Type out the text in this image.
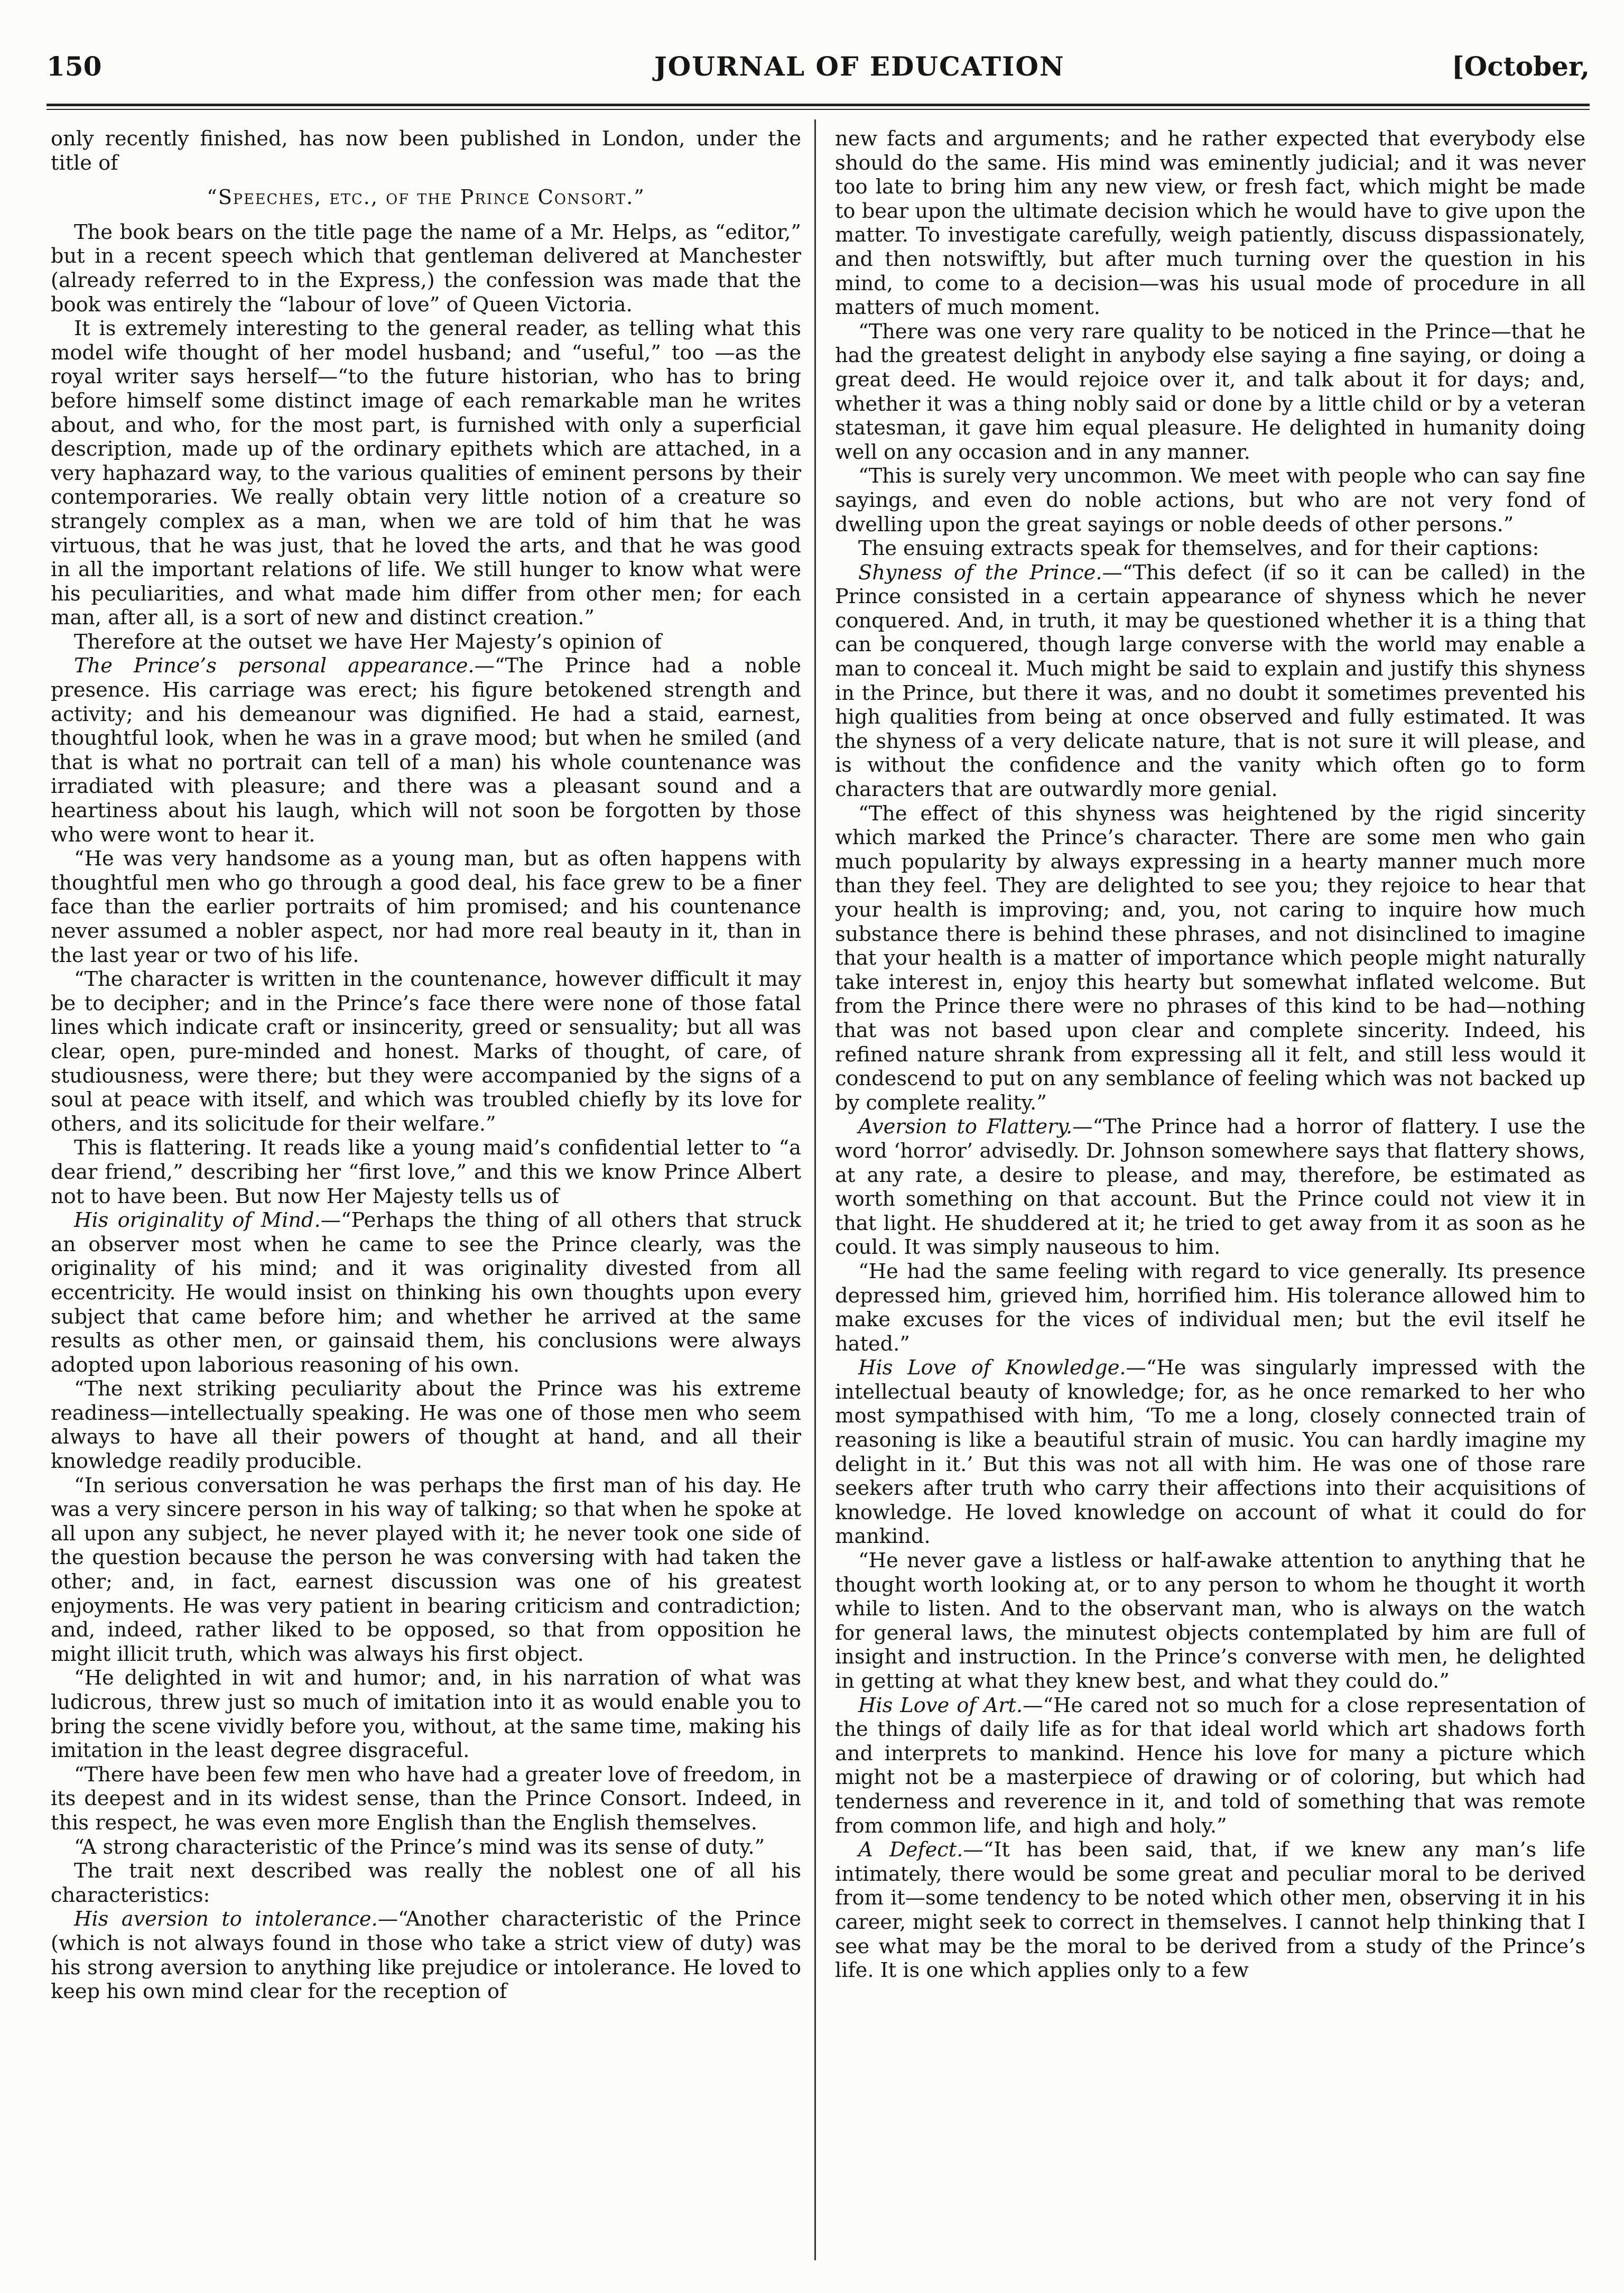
150	JOURNAL OF EDUCATION	[October,

only recently finished, has now been published in London, under the title of

“Speeches, etc., of the Prince Consort.”

The book bears on the title page the name of a Mr. Helps, as “editor,” but in a recent speech which that gentleman delivered at Manchester (already referred to in the Express,) the confession was made that the book was entirely the “labour of love” of Queen Victoria.

It is extremely interesting to the general reader, as telling what this model wife thought of her model husband; and “useful,” too —as the royal writer says herself—“to the future historian, who has to bring before himself some distinct image of each remarkable man he writes about, and who, for the most part, is furnished with only a superficial description, made up of the ordinary epithets which are attached, in a very haphazard way, to the various qualities of eminent persons by their contemporaries. We really obtain very little notion of a creature so strangely complex as a man, when we are told of him that he was virtuous, that he was just, that he loved the arts, and that he was good in all the important relations of life. We still hunger to know what were his peculiarities, and what made him differ from other men; for each man, after all, is a sort of new and distinct creation.”

Therefore at the outset we have Her Majesty’s opinion of

The Prince’s personal appearance.—“The Prince had a noble presence. His carriage was erect; his figure betokened strength and activity; and his demeanour was dignified. He had a staid, earnest, thoughtful look, when he was in a grave mood; but when he smiled (and that is what no portrait can tell of a man) his whole countenance was irradiated with pleasure; and there was a pleasant sound and a heartiness about his laugh, which will not soon be forgotten by those who were wont to hear it.

“He was very handsome as a young man, but as often happens with thoughtful men who go through a good deal, his face grew to be a finer face than the earlier portraits of him promised; and his countenance never assumed a nobler aspect, nor had more real beauty in it, than in the last year or two of his life.

“The character is written in the countenance, however difficult it may be to decipher; and in the Prince’s face there were none of those fatal lines which indicate craft or insincerity, greed or sensuality; but all was clear, open, pure-minded and honest. Marks of thought, of care, of studiousness, were there; but they were accompanied by the signs of a soul at peace with itself, and which was troubled chiefly by its love for others, and its solicitude for their welfare.”

This is flattering. It reads like a young maid’s confidential letter to “a dear friend,” describing her “first love,” and this we know Prince Albert not to have been. But now Her Majesty tells us of

His originality of Mind.—“Perhaps the thing of all others that struck an observer most when he came to see the Prince clearly, was the originality of his mind; and it was originality divested from all eccentricity. He would insist on thinking his own thoughts upon every subject that came before him; and whether he arrived at the same results as other men, or gainsaid them, his conclusions were always adopted upon laborious reasoning of his own.

“The next striking peculiarity about the Prince was his extreme readiness—intellectually speaking. He was one of those men who seem always to have all their powers of thought at hand, and all their knowledge readily producible.

“In serious conversation he was perhaps the first man of his day. He was a very sincere person in his way of talking; so that when he spoke at all upon any subject, he never played with it; he never took one side of the question because the person he was conversing with had taken the other; and, in fact, earnest discussion was one of his greatest enjoyments. He was very patient in bearing criticism and contradiction; and, indeed, rather liked to be opposed, so that from opposition he might illicit truth, which was always his first object.

“He delighted in wit and humor; and, in his narration of what was ludicrous, threw just so much of imitation into it as would enable you to bring the scene vividly before you, without, at the same time, making his imitation in the least degree disgraceful.

“There have been few men who have had a greater love of freedom, in its deepest and in its widest sense, than the Prince Consort. Indeed, in this respect, he was even more English than the English themselves.

“A strong characteristic of the Prince’s mind was its sense of duty.”

The trait next described was really the noblest one of all his characteristics:

His aversion to intolerance.—“Another characteristic of the Prince (which is not always found in those who take a strict view of duty) was his strong aversion to anything like prejudice or intolerance. He loved to keep his own mind clear for the reception of

new facts and arguments; and he rather expected that everybody else should do the same. His mind was eminently judicial; and it was never too late to bring him any new view, or fresh fact, which might be made to bear upon the ultimate decision which he would have to give upon the matter. To investigate carefully, weigh patiently, discuss dispassionately, and then notswiftly, but after much turning over the question in his mind, to come to a decision—was his usual mode of procedure in all matters of much moment.

“There was one very rare quality to be noticed in the Prince—that he had the greatest delight in anybody else saying a fine saying, or doing a great deed. He would rejoice over it, and talk about it for days; and, whether it was a thing nobly said or done by a little child or by a veteran statesman, it gave him equal pleasure. He delighted in humanity doing well on any occasion and in any manner.

“This is surely very uncommon. We meet with people who can say fine sayings, and even do noble actions, but who are not very fond of dwelling upon the great sayings or noble deeds of other persons.”

The ensuing extracts speak for themselves, and for their captions:

Shyness of the Prince.—“This defect (if so it can be called) in the Prince consisted in a certain appearance of shyness which he never conquered. And, in truth, it may be questioned whether it is a thing that can be conquered, though large converse with the world may enable a man to conceal it. Much might be said to explain and justify this shyness in the Prince, but there it was, and no doubt it sometimes prevented his high qualities from being at once observed and fully estimated. It was the shyness of a very delicate nature, that is not sure it will please, and is without the confidence and the vanity which often go to form characters that are outwardly more genial.

“The effect of this shyness was heightened by the rigid sincerity which marked the Prince’s character. There are some men who gain much popularity by always expressing in a hearty manner much more than they feel. They are delighted to see you; they rejoice to hear that your health is improving; and, you, not caring to inquire how much substance there is behind these phrases, and not disinclined to imagine that your health is a matter of importance which people might naturally take interest in, enjoy this hearty but somewhat inflated welcome. But from the Prince there were no phrases of this kind to be had—nothing that was not based upon clear and complete sincerity. Indeed, his refined nature shrank from expressing all it felt, and still less would it condescend to put on any semblance of feeling which was not backed up by complete reality.”

Aversion to Flattery.—“The Prince had a horror of flattery. I use the word ‘horror’ advisedly. Dr. Johnson somewhere says that flattery shows, at any rate, a desire to please, and may, therefore, be estimated as worth something on that account. But the Prince could not view it in that light. He shuddered at it; he tried to get away from it as soon as he could. It was simply nauseous to him.

“He had the same feeling with regard to vice generally. Its presence depressed him, grieved him, horrified him. His tolerance allowed him to make excuses for the vices of individual men; but the evil itself he hated.”

His Love of Knowledge.—“He was singularly impressed with the intellectual beauty of knowledge; for, as he once remarked to her who most sympathised with him, ‘To me a long, closely connected train of reasoning is like a beautiful strain of music. You can hardly imagine my delight in it.’ But this was not all with him. He was one of those rare seekers after truth who carry their affections into their acquisitions of knowledge. He loved knowledge on account of what it could do for mankind.

“He never gave a listless or half-awake attention to anything that he thought worth looking at, or to any person to whom he thought it worth while to listen. And to the observant man, who is always on the watch for general laws, the minutest objects contemplated by him are full of insight and instruction. In the Prince’s converse with men, he delighted in getting at what they knew best, and what they could do.”

His Love of Art.—“He cared not so much for a close representation of the things of daily life as for that ideal world which art shadows forth and interprets to mankind. Hence his love for many a picture which might not be a masterpiece of drawing or of coloring, but which had tenderness and reverence in it, and told of something that was remote from common life, and high and holy.”

A Defect.—“It has been said, that, if we knew any man’s life intimately, there would be some great and peculiar moral to be derived from it—some tendency to be noted which other men, observing it in his career, might seek to correct in themselves. I cannot help thinking that I see what may be the moral to be derived from a study of the Prince’s life. It is one which applies only to a few
